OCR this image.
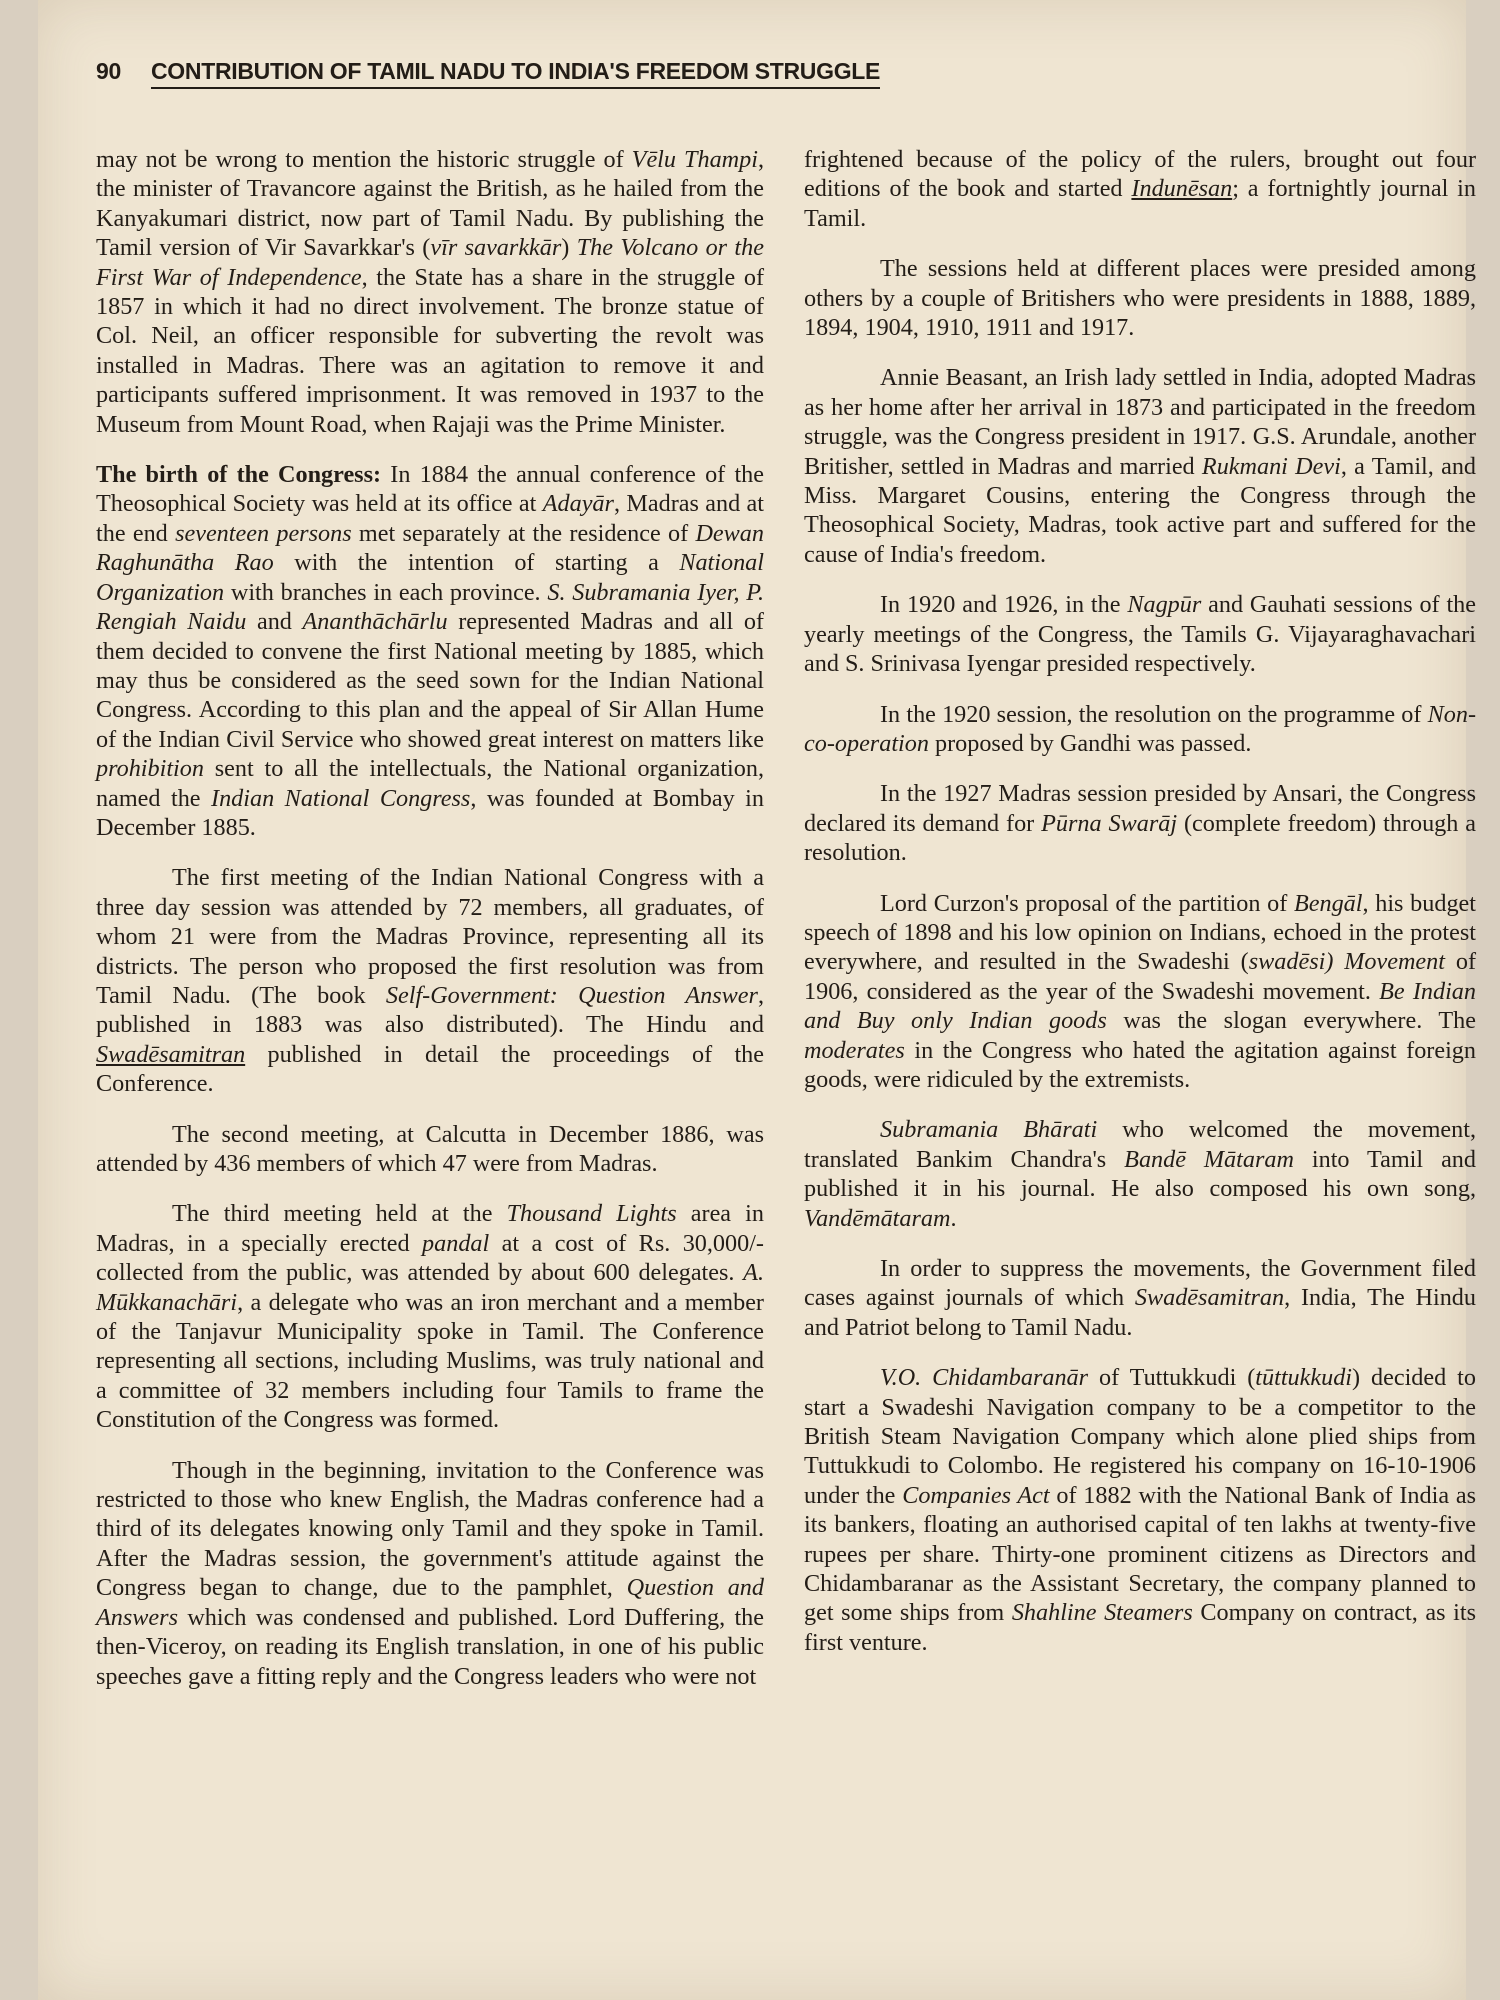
90 CONTRIBUTION OF TAMIL NADU TO INDIA'S FREEDOM STRUGGLE

may not be wrong to mention the historic struggle of Vēlu Thampi, the minister of Travancore against the British, as he hailed from the Kanyakumari district, now part of Tamil Nadu. By publishing the Tamil version of Vir Savarkkar's (vīr savarkkār) The Volcano or the First War of Independence, the State has a share in the struggle of 1857 in which it had no direct involvement. The bronze statue of Col. Neil, an officer responsible for subverting the revolt was installed in Madras. There was an agitation to remove it and participants suffered imprisonment. It was removed in 1937 to the Museum from Mount Road, when Rajaji was the Prime Minister.

The birth of the Congress: In 1884 the annual conference of the Theosophical Society was held at its office at Adayār, Madras and at the end seventeen persons met separately at the residence of Dewan Raghunātha Rao with the intention of starting a National Organization with branches in each province. S. Subramania Iyer, P. Rengiah Naidu and Ananthāchārlu represented Madras and all of them decided to convene the first National meeting by 1885, which may thus be considered as the seed sown for the Indian National Congress. According to this plan and the appeal of Sir Allan Hume of the Indian Civil Service who showed great interest on matters like prohibition sent to all the intellectuals, the National organization, named the Indian National Congress, was founded at Bombay in December 1885.

The first meeting of the Indian National Congress with a three day session was attended by 72 members, all graduates, of whom 21 were from the Madras Province, representing all its districts. The person who proposed the first resolution was from Tamil Nadu. (The book Self-Government: Question Answer, published in 1883 was also distributed). The Hindu and Swadēsamitran published in detail the proceedings of the Conference.

The second meeting, at Calcutta in December 1886, was attended by 436 members of which 47 were from Madras.

The third meeting held at the Thousand Lights area in Madras, in a specially erected pandal at a cost of Rs. 30,000/- collected from the public, was attended by about 600 delegates. A. Mūkkanachāri, a delegate who was an iron merchant and a member of the Tanjavur Municipality spoke in Tamil. The Conference representing all sections, including Muslims, was truly national and a committee of 32 members including four Tamils to frame the Constitution of the Congress was formed.

Though in the beginning, invitation to the Conference was restricted to those who knew English, the Madras conference had a third of its delegates knowing only Tamil and they spoke in Tamil. After the Madras session, the government's attitude against the Congress began to change, due to the pamphlet, Question and Answers which was condensed and published. Lord Duffering, the then-Viceroy, on reading its English translation, in one of his public speeches gave a fitting reply and the Congress leaders who were not

frightened because of the policy of the rulers, brought out four editions of the book and started Indunēsan; a fortnightly journal in Tamil.

The sessions held at different places were presided among others by a couple of Britishers who were presidents in 1888, 1889, 1894, 1904, 1910, 1911 and 1917.

Annie Beasant, an Irish lady settled in India, adopted Madras as her home after her arrival in 1873 and participated in the freedom struggle, was the Congress president in 1917. G.S. Arundale, another Britisher, settled in Madras and married Rukmani Devi, a Tamil, and Miss. Margaret Cousins, entering the Congress through the Theosophical Society, Madras, took active part and suffered for the cause of India's freedom.

In 1920 and 1926, in the Nagpūr and Gauhati sessions of the yearly meetings of the Congress, the Tamils G. Vijayaraghavachari and S. Srinivasa Iyengar presided respectively.

In the 1920 session, the resolution on the programme of Non-co-operation proposed by Gandhi was passed.

In the 1927 Madras session presided by Ansari, the Congress declared its demand for Pūrna Swarāj (complete freedom) through a resolution.

Lord Curzon's proposal of the partition of Bengāl, his budget speech of 1898 and his low opinion on Indians, echoed in the protest everywhere, and resulted in the Swadeshi (swadēsi) Movement of 1906, considered as the year of the Swadeshi movement. Be Indian and Buy only Indian goods was the slogan everywhere. The moderates in the Congress who hated the agitation against foreign goods, were ridiculed by the extremists.

Subramania Bhārati who welcomed the movement, translated Bankim Chandra's Bandē Mātaram into Tamil and published it in his journal. He also composed his own song, Vandēmātaram.

In order to suppress the movements, the Government filed cases against journals of which Swadēsamitran, India, The Hindu and Patriot belong to Tamil Nadu.

V.O. Chidambaranār of Tuttukkudi (tūttukkudi) decided to start a Swadeshi Navigation company to be a competitor to the British Steam Navigation Company which alone plied ships from Tuttukkudi to Colombo. He registered his company on 16-10-1906 under the Companies Act of 1882 with the National Bank of India as its bankers, floating an authorised capital of ten lakhs at twenty-five rupees per share. Thirty-one prominent citizens as Directors and Chidambaranar as the Assistant Secretary, the company planned to get some ships from Shahline Steamers Company on contract, as its first venture.
